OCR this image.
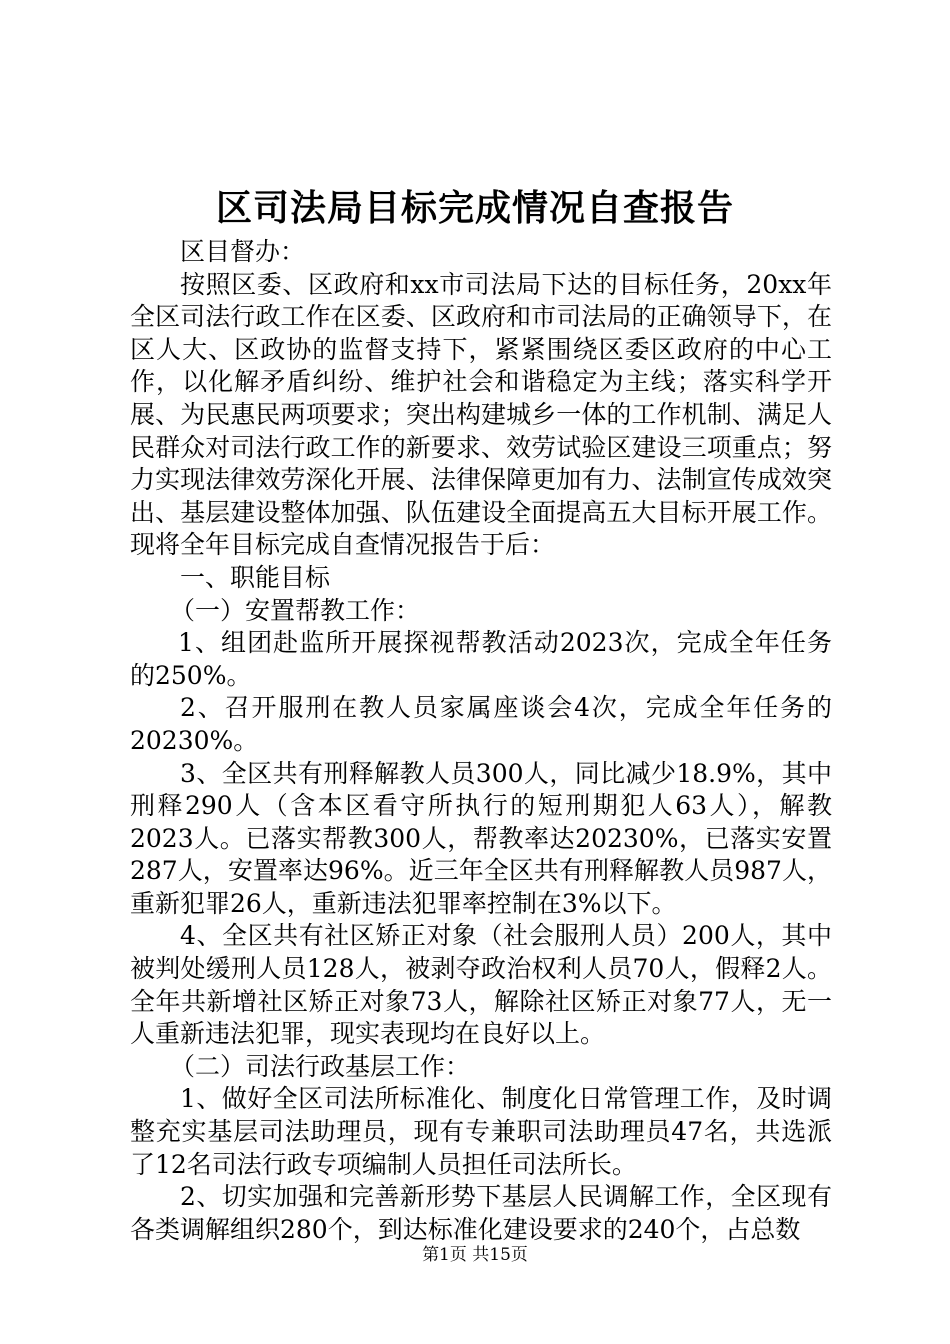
区司法局目标完成情况自查报告

区目督办：

按照区委、区政府和xx市司法局下达的目标任务，20xx年全区司法行政工作在区委、区政府和市司法局的正确领导下，在区人大、区政协的监督支持下，紧紧围绕区委区政府的中心工作，以化解矛盾纠纷、维护社会和谐稳定为主线；落实科学开展、为民惠民两项要求；突出构建城乡一体的工作机制、满足人民群众对司法行政工作的新要求、效劳试验区建设三项重点；努力实现法律效劳深化开展、法律保障更加有力、法制宣传成效突出、基层建设整体加强、队伍建设全面提高五大目标开展工作。现将全年目标完成自查情况报告于后：

一、职能目标

（一）安置帮教工作：

1、组团赴监所开展探视帮教活动2023次，完成全年任务的250%。

2、召开服刑在教人员家属座谈会4次，完成全年任务的20230%。

3、全区共有刑释解教人员300人，同比减少18.9%，其中刑释290人（含本区看守所执行的短刑期犯人63人），解教2023人。已落实帮教300人，帮教率达20230%，已落实安置287人，安置率达96%。近三年全区共有刑释解教人员987人，重新犯罪26人，重新违法犯罪率控制在3%以下。

4、全区共有社区矫正对象（社会服刑人员）200人，其中被判处缓刑人员128人，被剥夺政治权利人员70人，假释2人。全年共新增社区矫正对象73人，解除社区矫正对象77人，无一人重新违法犯罪，现实表现均在良好以上。

（二）司法行政基层工作：

1、做好全区司法所标准化、制度化日常管理工作，及时调整充实基层司法助理员，现有专兼职司法助理员47名，共选派了12名司法行政专项编制人员担任司法所长。

2、切实加强和完善新形势下基层人民调解工作，全区现有各类调解组织280个，到达标准化建设要求的240个，占总数

第1页 共15页
